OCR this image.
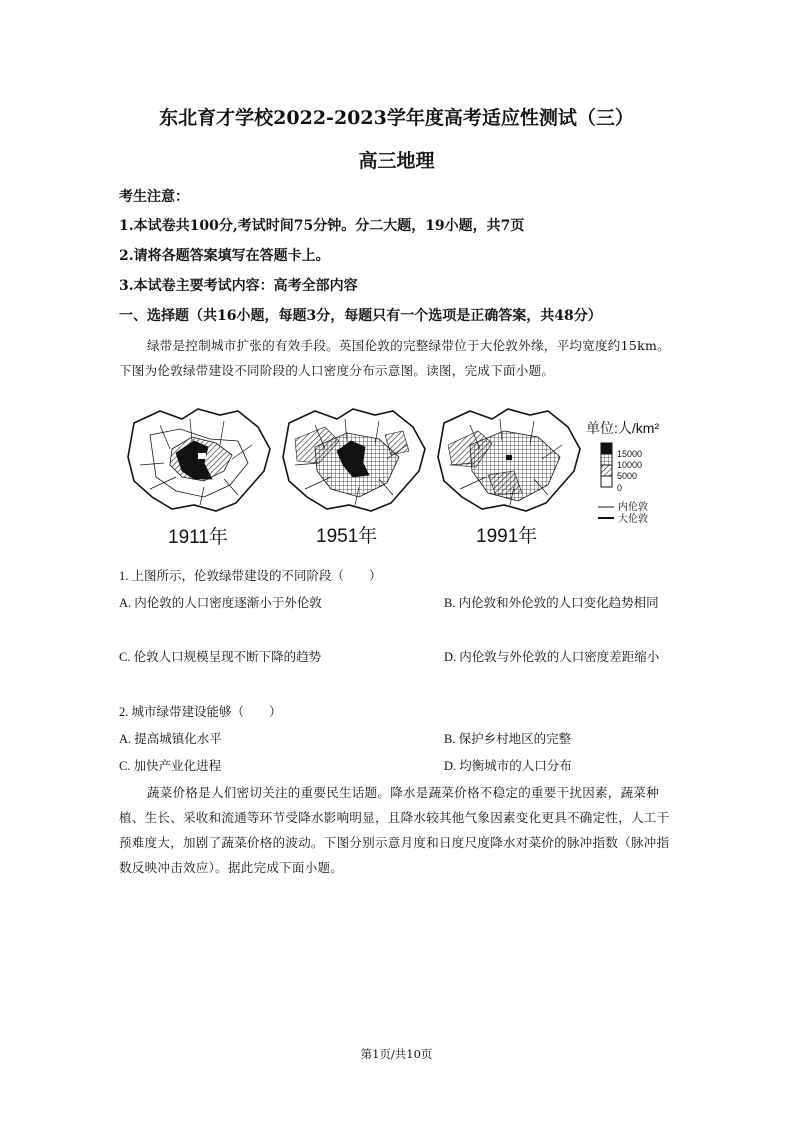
东北育才学校2022-2023学年度高考适应性测试（三）
高三地理
考生注意：
1.本试卷共100分,考试时间75分钟。分二大题，19小题，共7页
2.请将各题答案填写在答题卡上。
3.本试卷主要考试内容：高考全部内容
一、选择题（共16小题，每题3分，每题只有一个选项是正确答案，共48分）
绿带是控制城市扩张的有效手段。英国伦敦的完整绿带位于大伦敦外缘，平均宽度约15km。下图为伦敦绿带建设不同阶段的人口密度分布示意图。读图，完成下面小题。
单位:人/km²
15000
10000
5000
0
内伦敦
大伦敦
1911年	1951年	1991年
1. 上图所示，伦敦绿带建设的不同阶段（　　）
A. 内伦敦的人口密度逐渐小于外伦敦	B. 内伦敦和外伦敦的人口变化趋势相同
C. 伦敦人口规模呈现不断下降的趋势	D. 内伦敦与外伦敦的人口密度差距缩小
2. 城市绿带建设能够（　　）
A. 提高城镇化水平	B. 保护乡村地区的完整
C. 加快产业化进程	D. 均衡城市的人口分布
蔬菜价格是人们密切关注的重要民生话题。降水是蔬菜价格不稳定的重要干扰因素，蔬菜种植、生长、采收和流通等环节受降水影响明显，且降水较其他气象因素变化更具不确定性，人工干预难度大，加剧了蔬菜价格的波动。下图分别示意月度和日度尺度降水对菜价的脉冲指数（脉冲指数反映冲击效应）。据此完成下面小题。
第1页/共10页
